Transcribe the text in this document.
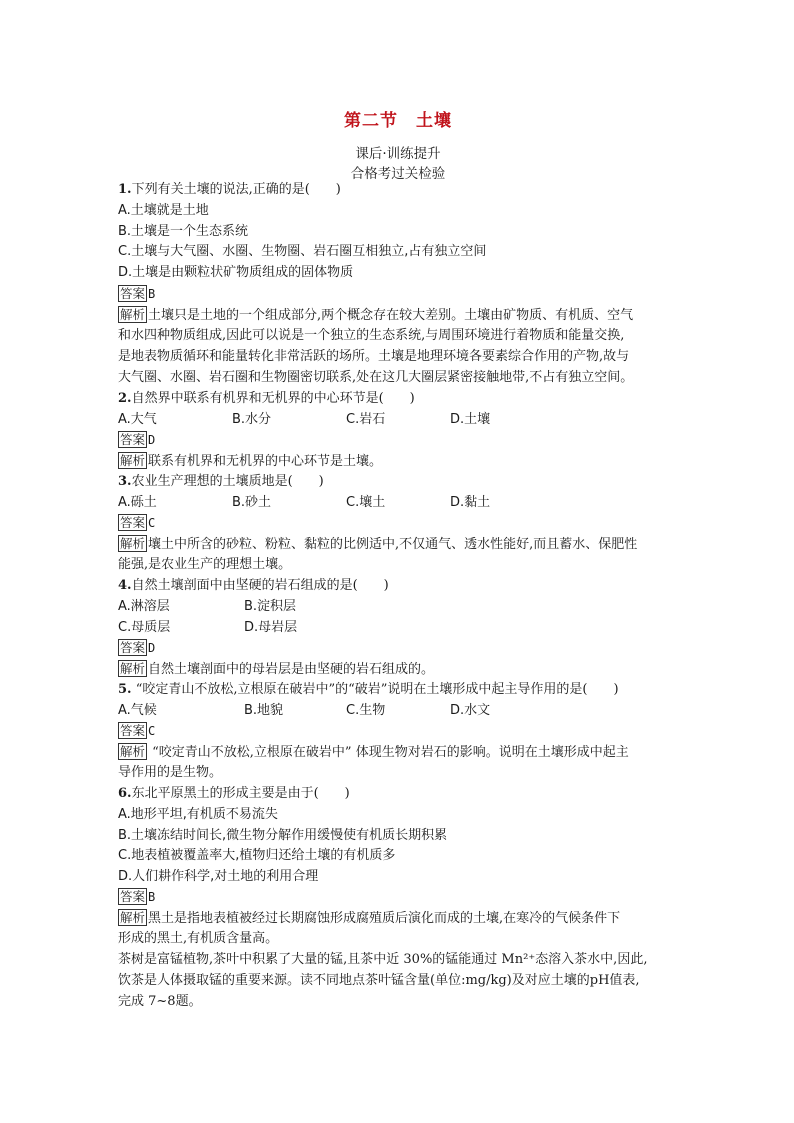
第二节　土壤
课后·训练提升
合格考过关检验
1.下列有关土壤的说法,正确的是(　　)
A.土壤就是土地
B.土壤是一个生态系统
C.土壤与大气圈、水圈、生物圈、岩石圈互相独立,占有独立空间
D.土壤是由颗粒状矿物质组成的固体物质
答案 B
解析 土壤只是土地的一个组成部分,两个概念存在较大差别。土壤由矿物质、有机质、空气
和水四种物质组成,因此可以说是一个独立的生态系统,与周围环境进行着物质和能量交换,
是地表物质循环和能量转化非常活跃的场所。土壤是地理环境各要素综合作用的产物,故与
大气圈、水圈、岩石圈和生物圈密切联系,处在这几大圈层紧密接触地带,不占有独立空间。
2.自然界中联系有机界和无机界的中心环节是(　　)
A.大气	B.水分	C.岩石	D.土壤
答案 D
解析 联系有机界和无机界的中心环节是土壤。
3.农业生产理想的土壤质地是(　　)
A.砾土	B.砂土	C.壤土	D.黏土
答案 C
解析 壤土中所含的砂粒、粉粒、黏粒的比例适中,不仅通气、透水性能好,而且蓄水、保肥性
能强,是农业生产的理想土壤。
4.自然土壤剖面中由坚硬的岩石组成的是(　　)
A.淋溶层	B.淀积层
C.母质层	D.母岩层
答案 D
解析 自然土壤剖面中的母岩层是由坚硬的岩石组成的。
5. “咬定青山不放松,立根原在破岩中”的“破岩”说明在土壤形成中起主导作用的是(　　)
A.气候	B.地貌	C.生物	D.水文
答案 C
解析 “咬定青山不放松,立根原在破岩中” 体现生物对岩石的影响。说明在土壤形成中起主
导作用的是生物。
6.东北平原黑土的形成主要是由于(　　)
A.地形平坦,有机质不易流失
B.土壤冻结时间长,微生物分解作用缓慢使有机质长期积累
C.地表植被覆盖率大,植物归还给土壤的有机质多
D.人们耕作科学,对土地的利用合理
答案 B
解析 黑土是指地表植被经过长期腐蚀形成腐殖质后演化而成的土壤,在寒冷的气候条件下
形成的黑土,有机质含量高。
茶树是富锰植物,茶叶中积累了大量的锰,且茶中近 30%的锰能通过 Mn²⁺态溶入茶水中,因此,
饮茶是人体摄取锰的重要来源。读不同地点茶叶锰含量(单位:mg/kg)及对应土壤的pH值表,
完成 7~8题。
